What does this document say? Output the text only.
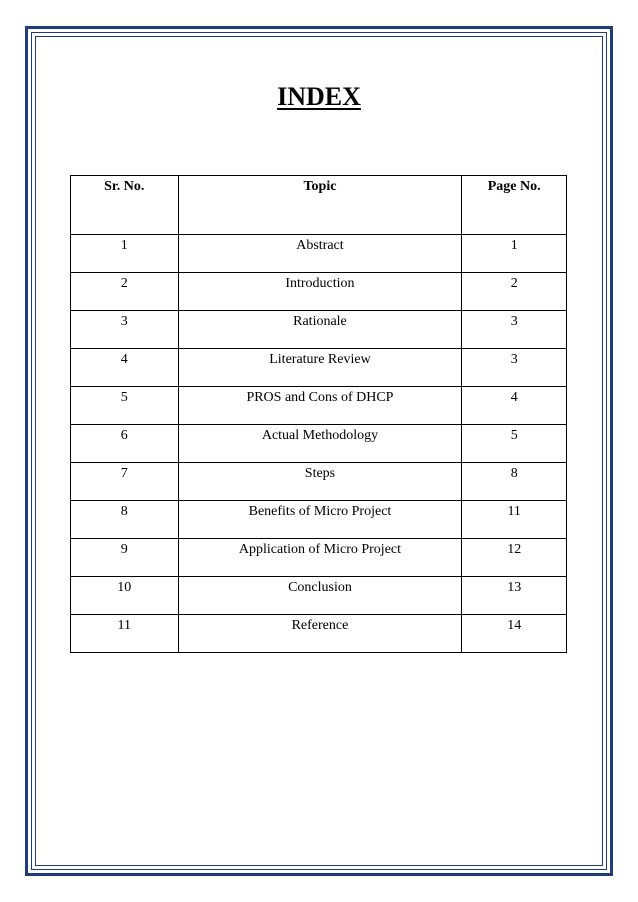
INDEX
Sr. No.	Topic	Page No.
1	Abstract	1
2	Introduction	2
3	Rationale	3
4	Literature Review	3
5	PROS and Cons of DHCP	4
6	Actual Methodology	5
7	Steps	8
8	Benefits of Micro Project	11
9	Application of Micro Project	12
10	Conclusion	13
11	Reference	14
